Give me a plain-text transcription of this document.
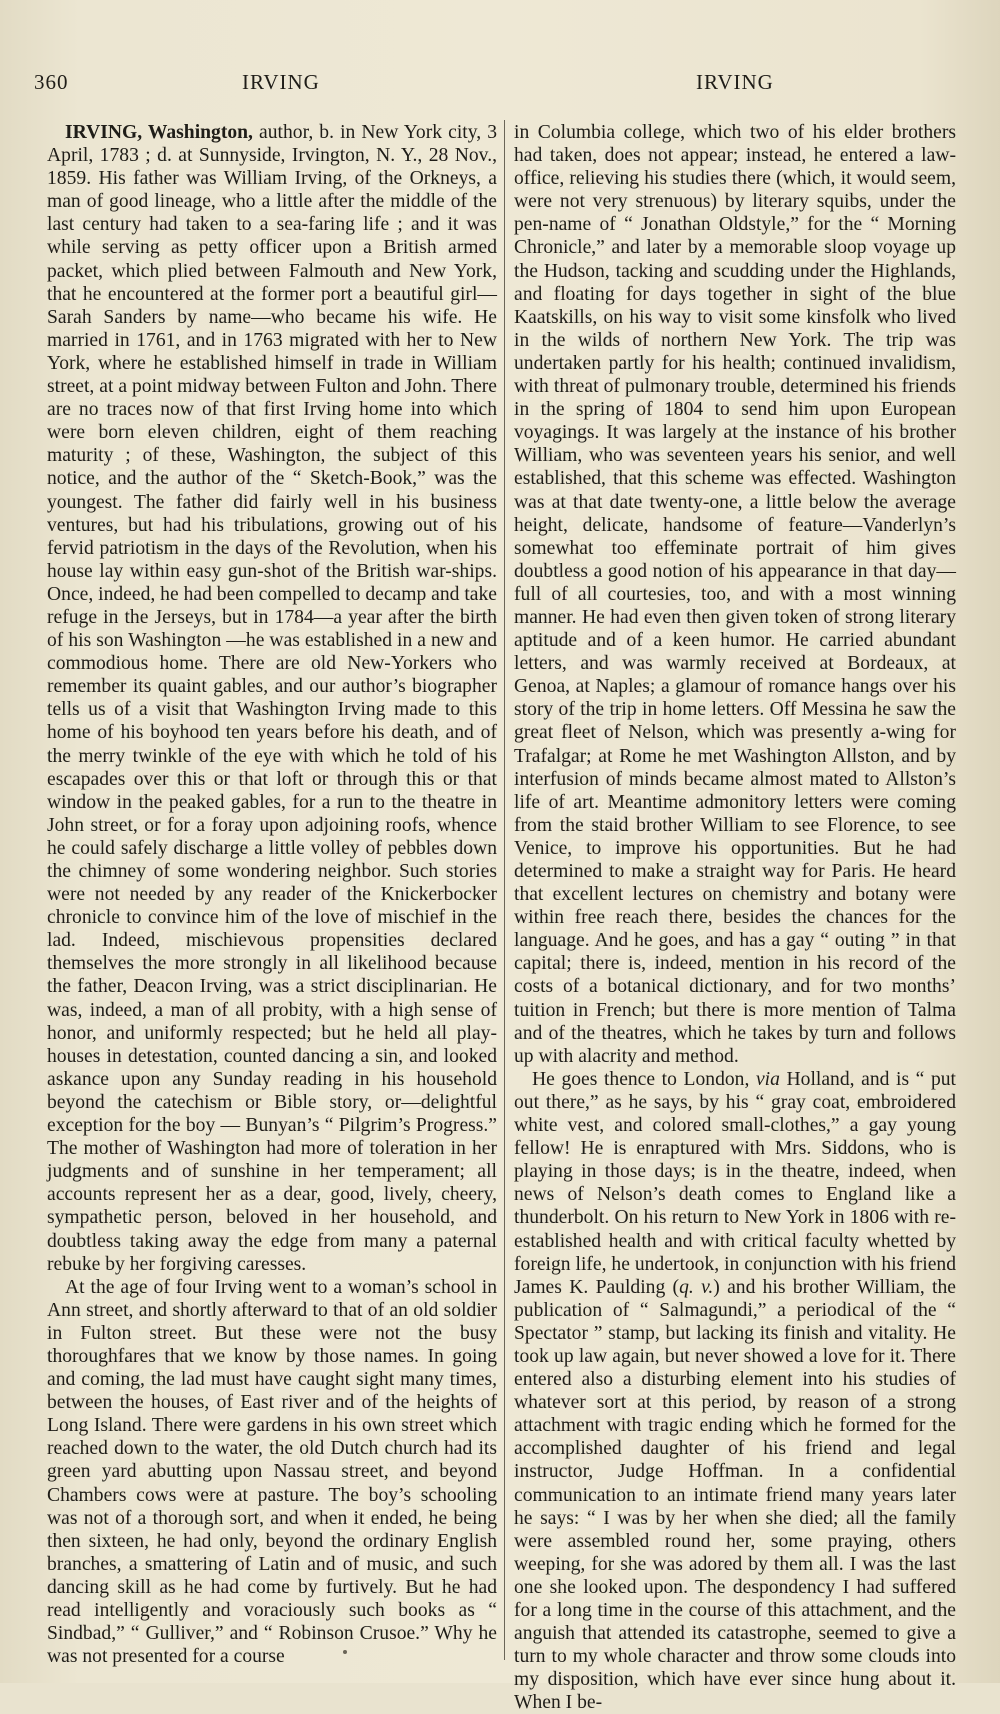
360	IRVING	IRVING

IRVING, Washington, author, b. in New York city, 3 April, 1783 ; d. at Sunnyside, Irvington, N. Y., 28 Nov., 1859. His father was William Irving, of the Orkneys, a man of good lineage, who a little after the middle of the last century had taken to a sea-faring life ; and it was while serving as petty officer upon a British armed packet, which plied between Falmouth and New York, that he encountered at the former port a beautiful girl—Sarah Sanders by name—who became his wife. He married in 1761, and in 1763 migrated with her to New York, where he established himself in trade in William street, at a point midway between Fulton and John. There are no traces now of that first Irving home into which were born eleven children, eight of them reaching maturity ; of these, Washington, the subject of this notice, and the author of the “ Sketch-Book,” was the youngest. The father did fairly well in his business ventures, but had his tribulations, growing out of his fervid patriotism in the days of the Revolution, when his house lay within easy gun-shot of the British war-ships. Once, indeed, he had been compelled to decamp and take refuge in the Jerseys, but in 1784—a year after the birth of his son Washington —he was established in a new and commodious home. There are old New-Yorkers who remember its quaint gables, and our author’s biographer tells us of a visit that Washington Irving made to this home of his boyhood ten years before his death, and of the merry twinkle of the eye with which he told of his escapades over this or that loft or through this or that window in the peaked gables, for a run to the theatre in John street, or for a foray upon adjoining roofs, whence he could safely discharge a little volley of pebbles down the chimney of some wondering neighbor. Such stories were not needed by any reader of the Knickerbocker chronicle to convince him of the love of mischief in the lad. Indeed, mischievous propensities declared themselves the more strongly in all likelihood because the father, Deacon Irving, was a strict disciplinarian. He was, indeed, a man of all probity, with a high sense of honor, and uniformly respected; but he held all play-houses in detestation, counted dancing a sin, and looked askance upon any Sunday reading in his household beyond the catechism or Bible story, or—delightful exception for the boy — Bunyan’s “ Pilgrim’s Progress.” The mother of Washington had more of toleration in her judgments and of sunshine in her temperament; all accounts represent her as a dear, good, lively, cheery, sympathetic person, beloved in her household, and doubtless taking away the edge from many a paternal rebuke by her forgiving caresses.

At the age of four Irving went to a woman’s school in Ann street, and shortly afterward to that of an old soldier in Fulton street. But these were not the busy thoroughfares that we know by those names. In going and coming, the lad must have caught sight many times, between the houses, of East river and of the heights of Long Island. There were gardens in his own street which reached down to the water, the old Dutch church had its green yard abutting upon Nassau street, and beyond Chambers cows were at pasture. The boy’s schooling was not of a thorough sort, and when it ended, he being then sixteen, he had only, beyond the ordinary English branches, a smattering of Latin and of music, and such dancing skill as he had come by furtively. But he had read intelligently and voraciously such books as “ Sindbad,” “ Gulliver,” and “ Robinson Crusoe.” Why he was not presented for a course

in Columbia college, which two of his elder brothers had taken, does not appear; instead, he entered a law-office, relieving his studies there (which, it would seem, were not very strenuous) by literary squibs, under the pen-name of “ Jonathan Oldstyle,” for the “ Morning Chronicle,” and later by a memorable sloop voyage up the Hudson, tacking and scudding under the Highlands, and floating for days together in sight of the blue Kaatskills, on his way to visit some kinsfolk who lived in the wilds of northern New York. The trip was undertaken partly for his health; continued invalidism, with threat of pulmonary trouble, determined his friends in the spring of 1804 to send him upon European voyagings. It was largely at the instance of his brother William, who was seventeen years his senior, and well established, that this scheme was effected. Washington was at that date twenty-one, a little below the average height, delicate, handsome of feature—Vanderlyn’s somewhat too effeminate portrait of him gives doubtless a good notion of his appearance in that day—full of all courtesies, too, and with a most winning manner. He had even then given token of strong literary aptitude and of a keen humor. He carried abundant letters, and was warmly received at Bordeaux, at Genoa, at Naples; a glamour of romance hangs over his story of the trip in home letters. Off Messina he saw the great fleet of Nelson, which was presently a-wing for Trafalgar; at Rome he met Washington Allston, and by interfusion of minds became almost mated to Allston’s life of art. Meantime admonitory letters were coming from the staid brother William to see Florence, to see Venice, to improve his opportunities. But he had determined to make a straight way for Paris. He heard that excellent lectures on chemistry and botany were within free reach there, besides the chances for the language. And he goes, and has a gay “ outing ” in that capital; there is, indeed, mention in his record of the costs of a botanical dictionary, and for two months’ tuition in French; but there is more mention of Talma and of the theatres, which he takes by turn and follows up with alacrity and method.

He goes thence to London, via Holland, and is “ put out there,” as he says, by his “ gray coat, embroidered white vest, and colored small-clothes,” a gay young fellow! He is enraptured with Mrs. Siddons, who is playing in those days; is in the theatre, indeed, when news of Nelson’s death comes to England like a thunderbolt. On his return to New York in 1806 with re-established health and with critical faculty whetted by foreign life, he undertook, in conjunction with his friend James K. Paulding (q. v.) and his brother William, the publication of “ Salmagundi,” a periodical of the “ Spectator ” stamp, but lacking its finish and vitality. He took up law again, but never showed a love for it. There entered also a disturbing element into his studies of whatever sort at this period, by reason of a strong attachment with tragic ending which he formed for the accomplished daughter of his friend and legal instructor, Judge Hoffman. In a confidential communication to an intimate friend many years later he says: “ I was by her when she died; all the family were assembled round her, some praying, others weeping, for she was adored by them all. I was the last one she looked upon. The despondency I had suffered for a long time in the course of this attachment, and the anguish that attended its catastrophe, seemed to give a turn to my whole character and throw some clouds into my disposition, which have ever since hung about it. When I be-
